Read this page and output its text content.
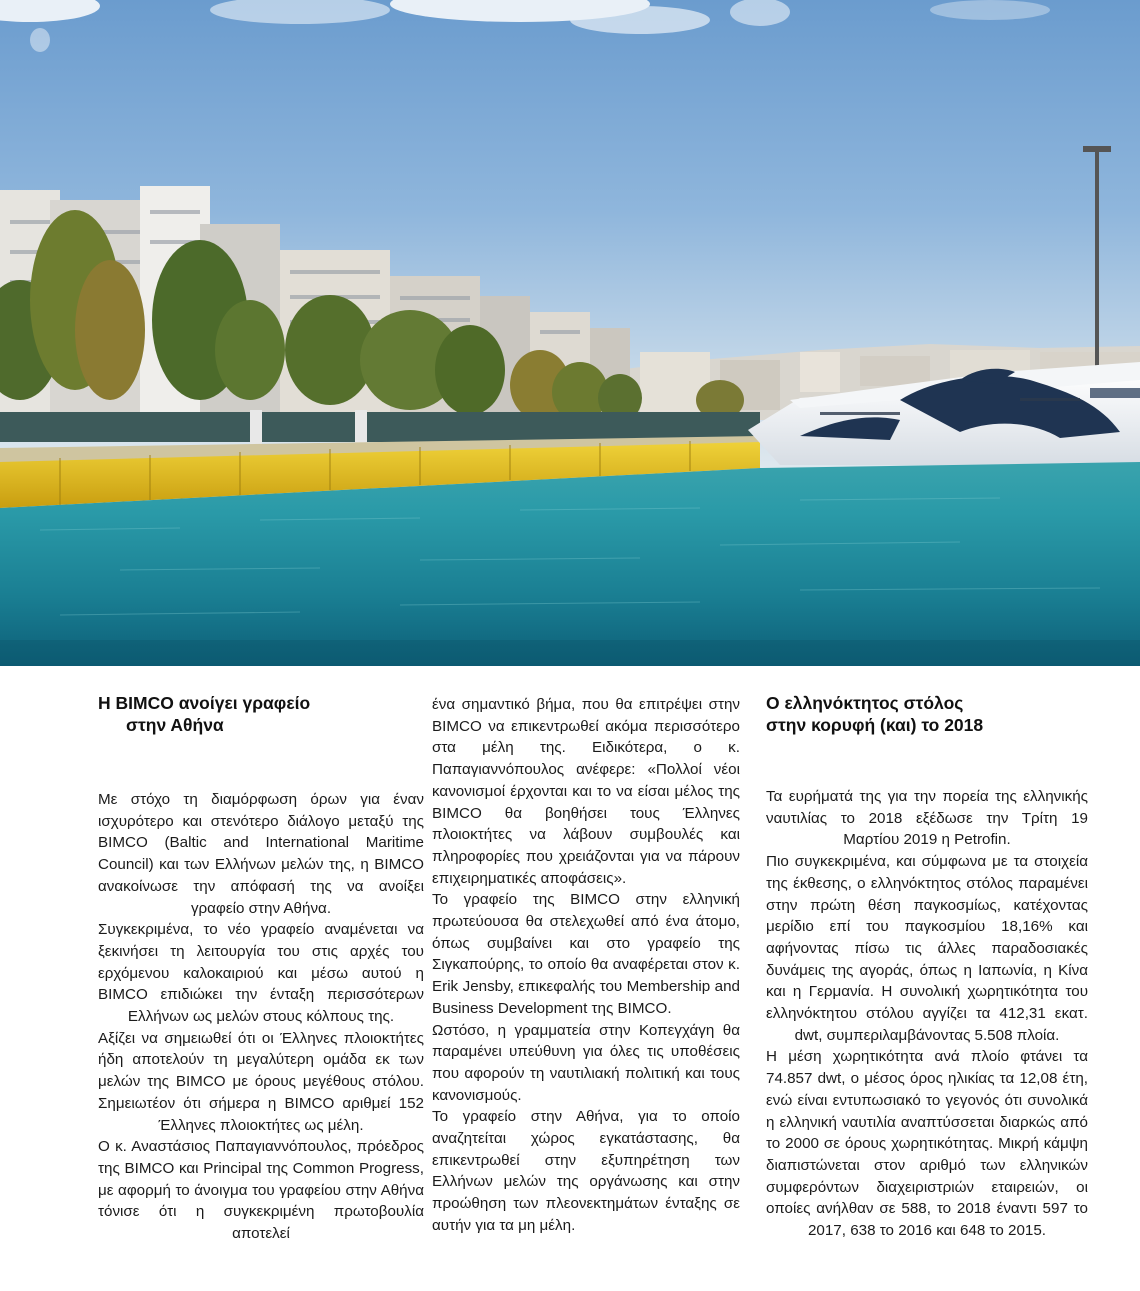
Η BIMCO ανοίγει γραφείο
στην Αθήνα

Με στόχο τη διαμόρφωση όρων για έναν ισχυρότερο και στενότερο διάλογο μεταξύ της BIMCO (Baltic and International Maritime Council) και των Ελλήνων μελών της, η BIMCO ανακοίνωσε την απόφασή της να ανοίξει γραφείο στην Αθήνα.

Συγκεκριμένα, το νέο γραφείο αναμένεται να ξεκινήσει τη λειτουργία του στις αρχές του ερχόμενου καλοκαιριού και μέσω αυτού η BIMCO επιδιώκει την ένταξη περισσότερων Ελλήνων ως μελών στους κόλπους της.

Αξίζει να σημειωθεί ότι οι Έλληνες πλοιοκτήτες ήδη αποτελούν τη μεγαλύτερη ομάδα εκ των μελών της BIMCO με όρους μεγέθους στόλου. Σημειωτέον ότι σήμερα η BIMCO αριθμεί 152 Έλληνες πλοιοκτήτες ως μέλη.

Ο κ. Αναστάσιος Παπαγιαννόπουλος, πρόεδρος της BIMCO και Principal της Common Progress, με αφορμή το άνοιγμα του γραφείου στην Αθήνα τόνισε ότι η συγκεκριμένη πρωτοβουλία αποτελεί

ένα σημαντικό βήμα, που θα επιτρέψει στην BIMCO να επικεντρωθεί ακόμα περισσότερο στα μέλη της. Ειδικότερα, ο κ. Παπαγιαννόπουλος ανέφερε: «Πολλοί νέοι κανονισμοί έρχονται και το να είσαι μέλος της BIMCO θα βοηθήσει τους Έλληνες πλοιοκτήτες να λάβουν συμβουλές και πληροφορίες που χρειάζονται για να πάρουν επιχειρηματικές αποφάσεις».

Το γραφείο της BIMCO στην ελληνική πρωτεύουσα θα στελεχωθεί από ένα άτομο, όπως συμβαίνει και στο γραφείο της Σιγκαπούρης, το οποίο θα αναφέρεται στον κ. Erik Jensby, επικεφαλής του Membership and Business Development της BIMCO.

Ωστόσο, η γραμματεία στην Κοπεγχάγη θα παραμένει υπεύθυνη για όλες τις υποθέσεις που αφορούν τη ναυτιλιακή πολιτική και τους κανονισμούς.

Το γραφείο στην Αθήνα, για το οποίο αναζητείται χώρος εγκατάστασης, θα επικεντρωθεί στην εξυπηρέτηση των Ελλήνων μελών της οργάνωσης και στην προώθηση των πλεονεκτημάτων ένταξης σε αυτήν για τα μη μέλη.

Ο ελληνόκτητος στόλος
στην κορυφή (και) το 2018

Τα ευρήματά της για την πορεία της ελληνικής ναυτιλίας το 2018 εξέδωσε την Τρίτη 19 Μαρτίου 2019 η Petrofin.

Πιο συγκεκριμένα, και σύμφωνα με τα στοιχεία της έκθεσης, ο ελληνόκτητος στόλος παραμένει στην πρώτη θέση παγκοσμίως, κατέχοντας μερίδιο επί του παγκοσμίου 18,16% και αφήνοντας πίσω τις άλλες παραδοσιακές δυνάμεις της αγοράς, όπως η Ιαπωνία, η Κίνα και η Γερμανία. Η συνολική χωρητικότητα του ελληνόκτητου στόλου αγγίζει τα 412,31 εκατ. dwt, συμπεριλαμβάνοντας 5.508 πλοία.

Η μέση χωρητικότητα ανά πλοίο φτάνει τα 74.857 dwt, ο μέσος όρος ηλικίας τα 12,08 έτη, ενώ είναι εντυπωσιακό το γεγονός ότι συνολικά η ελληνική ναυτιλία αναπτύσσεται διαρκώς από το 2000 σε όρους χωρητικότητας. Μικρή κάμψη διαπιστώνεται στον αριθμό των ελληνικών συμφερόντων διαχειριστριών εταιρειών, οι οποίες ανήλθαν σε 588, το 2018 έναντι 597 το 2017, 638 το 2016 και 648 το 2015.
